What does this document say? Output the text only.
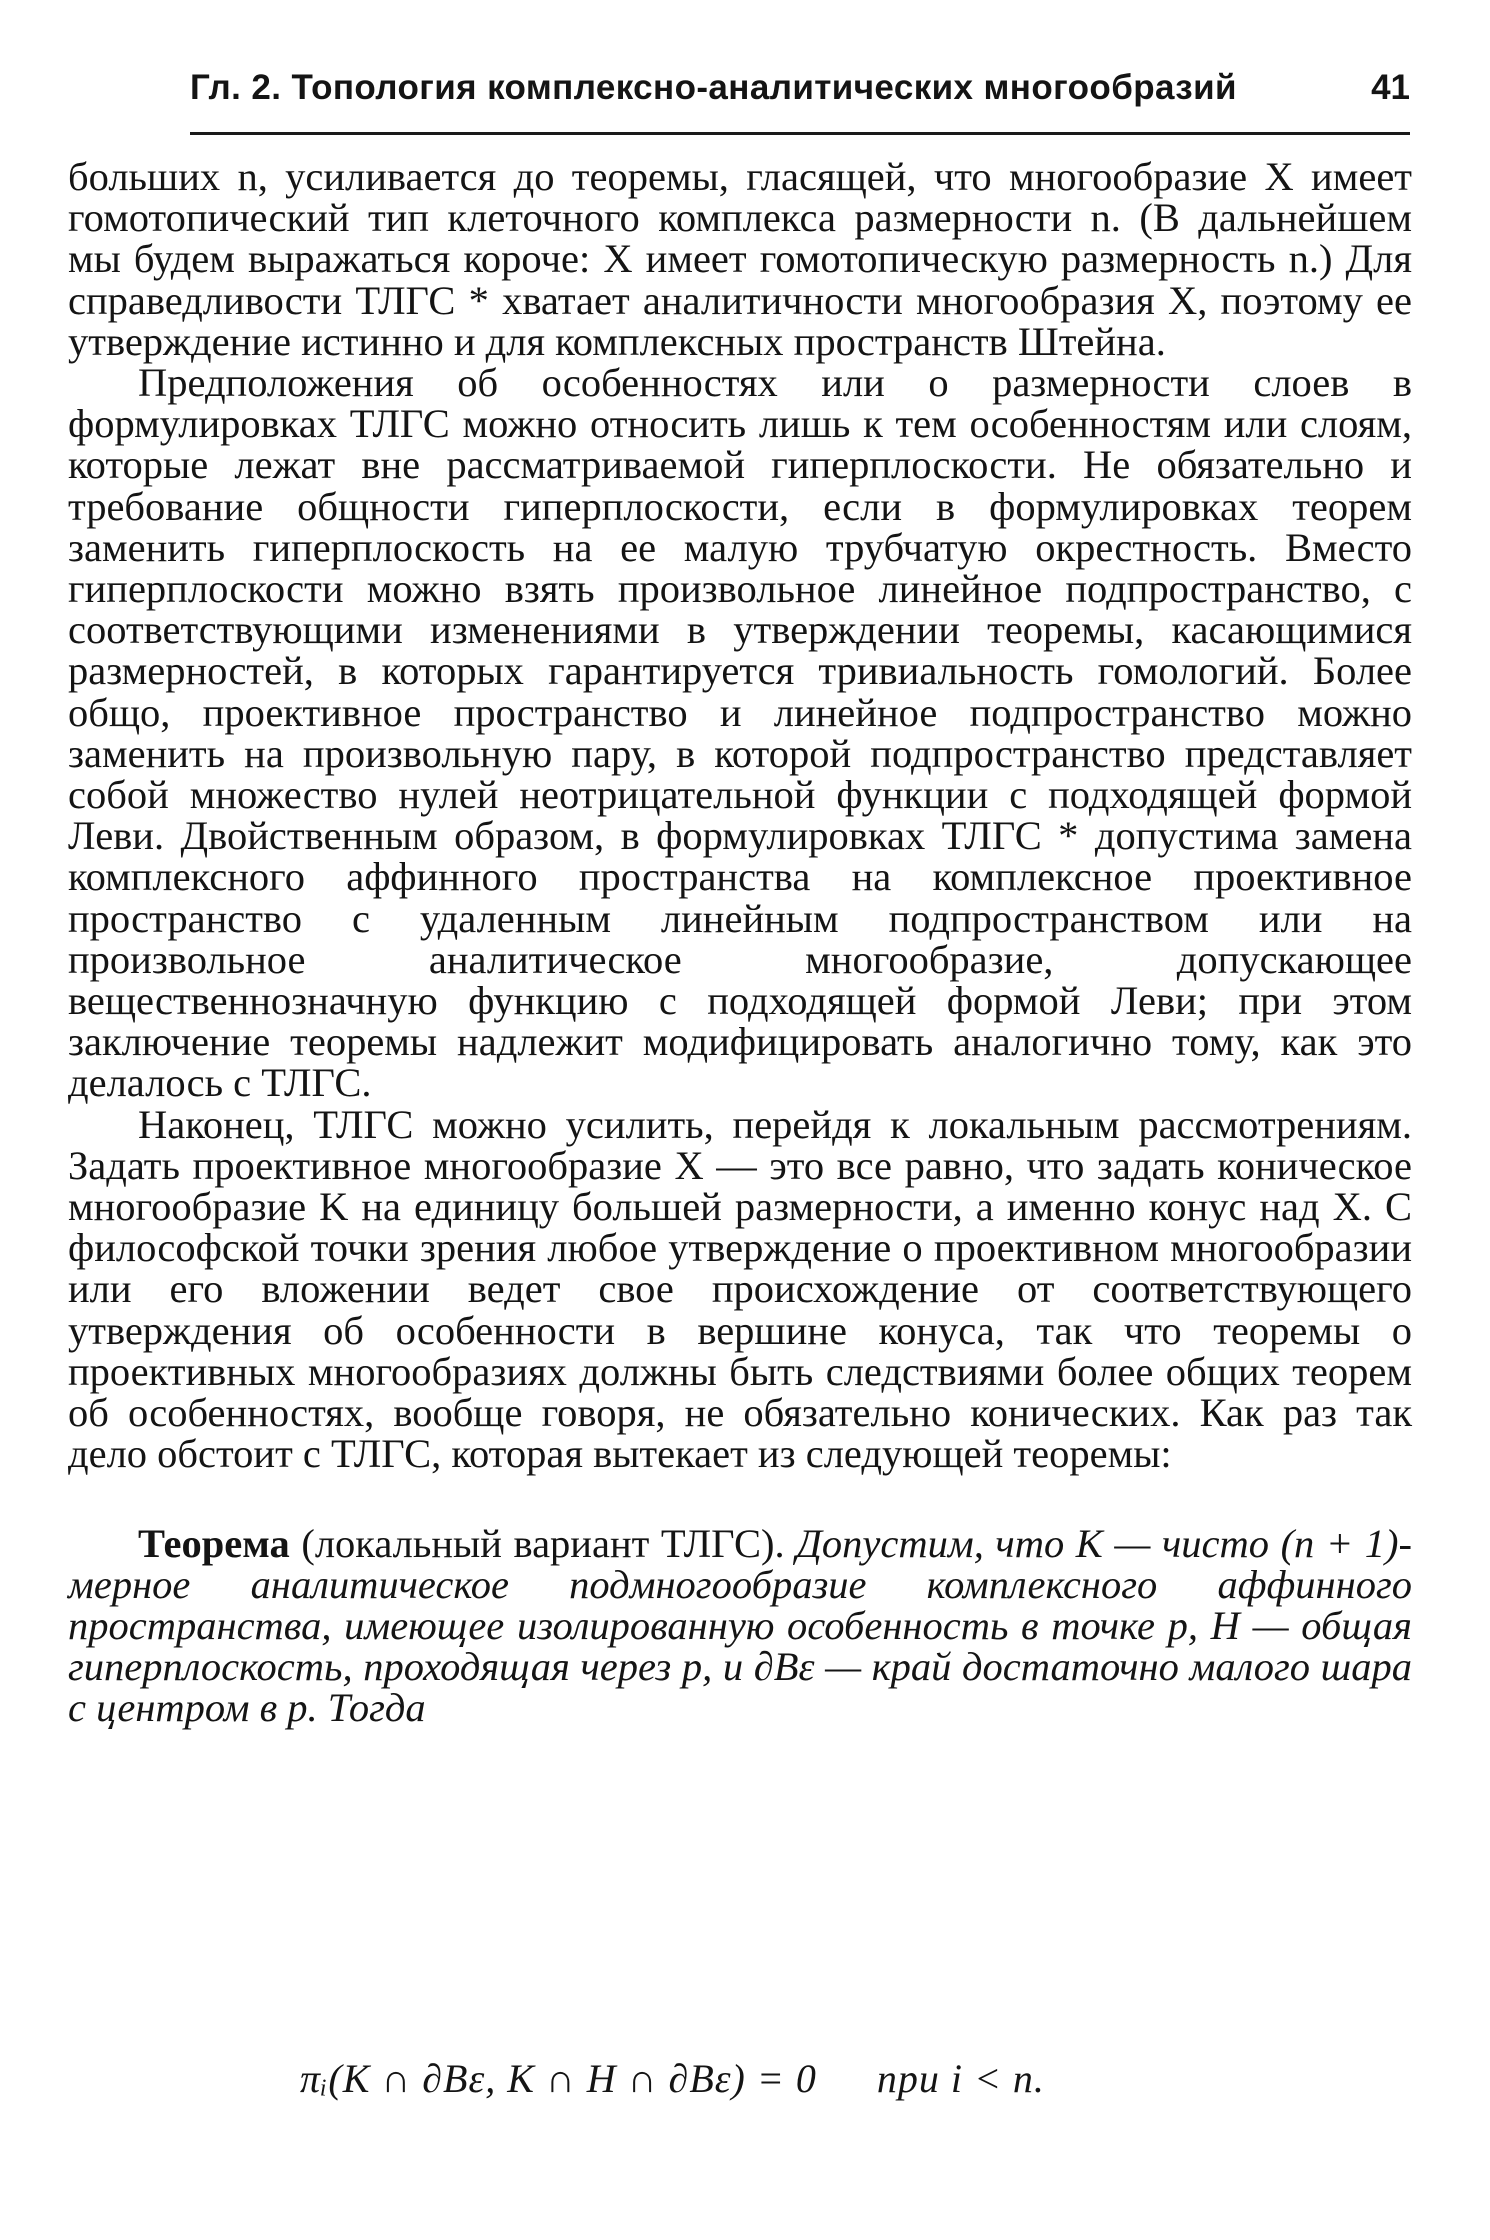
Гл. 2. Топология комплексно-аналитических многообразий	41

больших n, усиливается до теоремы, гласящей, что многообразие X имеет гомотопический тип клеточного комплекса размерности n. (В дальнейшем мы будем выражаться короче: X имеет гомотопическую размерность n.) Для справедливости ТЛГС * хватает аналитичности многообразия X, поэтому ее утверждение истинно и для комплексных пространств Штейна.

Предположения об особенностях или о размерности слоев в формулировках ТЛГС можно относить лишь к тем особенностям или слоям, которые лежат вне рассматриваемой гиперплоскости. Не обязательно и требование общности гиперплоскости, если в формулировках теорем заменить гиперплоскость на ее малую трубчатую окрестность. Вместо гиперплоскости можно взять произвольное линейное подпространство, с соответствующими изменениями в утверждении теоремы, касающимися размерностей, в которых гарантируется тривиальность гомологий. Более общо, проективное пространство и линейное подпространство можно заменить на произвольную пару, в которой подпространство представляет собой множество нулей неотрицательной функции с подходящей формой Леви. Двойственным образом, в формулировках ТЛГС * допустима замена комплексного аффинного пространства на комплексное проективное пространство с удаленным линейным подпространством или на произвольное аналитическое многообразие, допускающее вещественнозначную функцию с подходящей формой Леви; при этом заключение теоремы надлежит модифицировать аналогично тому, как это делалось с ТЛГС.

Наконец, ТЛГС можно усилить, перейдя к локальным рассмотрениям. Задать проективное многообразие X — это все равно, что задать коническое многообразие K на единицу большей размерности, а именно конус над X. С философской точки зрения любое утверждение о проективном многообразии или его вложении ведет свое происхождение от соответствующего утверждения об особенности в вершине конуса, так что теоремы о проективных многообразиях должны быть следствиями более общих теорем об особенностях, вообще говоря, не обязательно конических. Как раз так дело обстоит с ТЛГС, которая вытекает из следующей теоремы:

Теорема (локальный вариант ТЛГС). Допустим, что K — чисто (n + 1)-мерное аналитическое подмногообразие комплексного аффинного пространства, имеющее изолированную особенность в точке p, H — общая гиперплоскость, проходящая через p, и ∂Bε — край достаточно малого шара с центром в p. Тогда

πᵢ(K ∩ ∂Bε, K ∩ H ∩ ∂Bε) = 0 при i < n.
